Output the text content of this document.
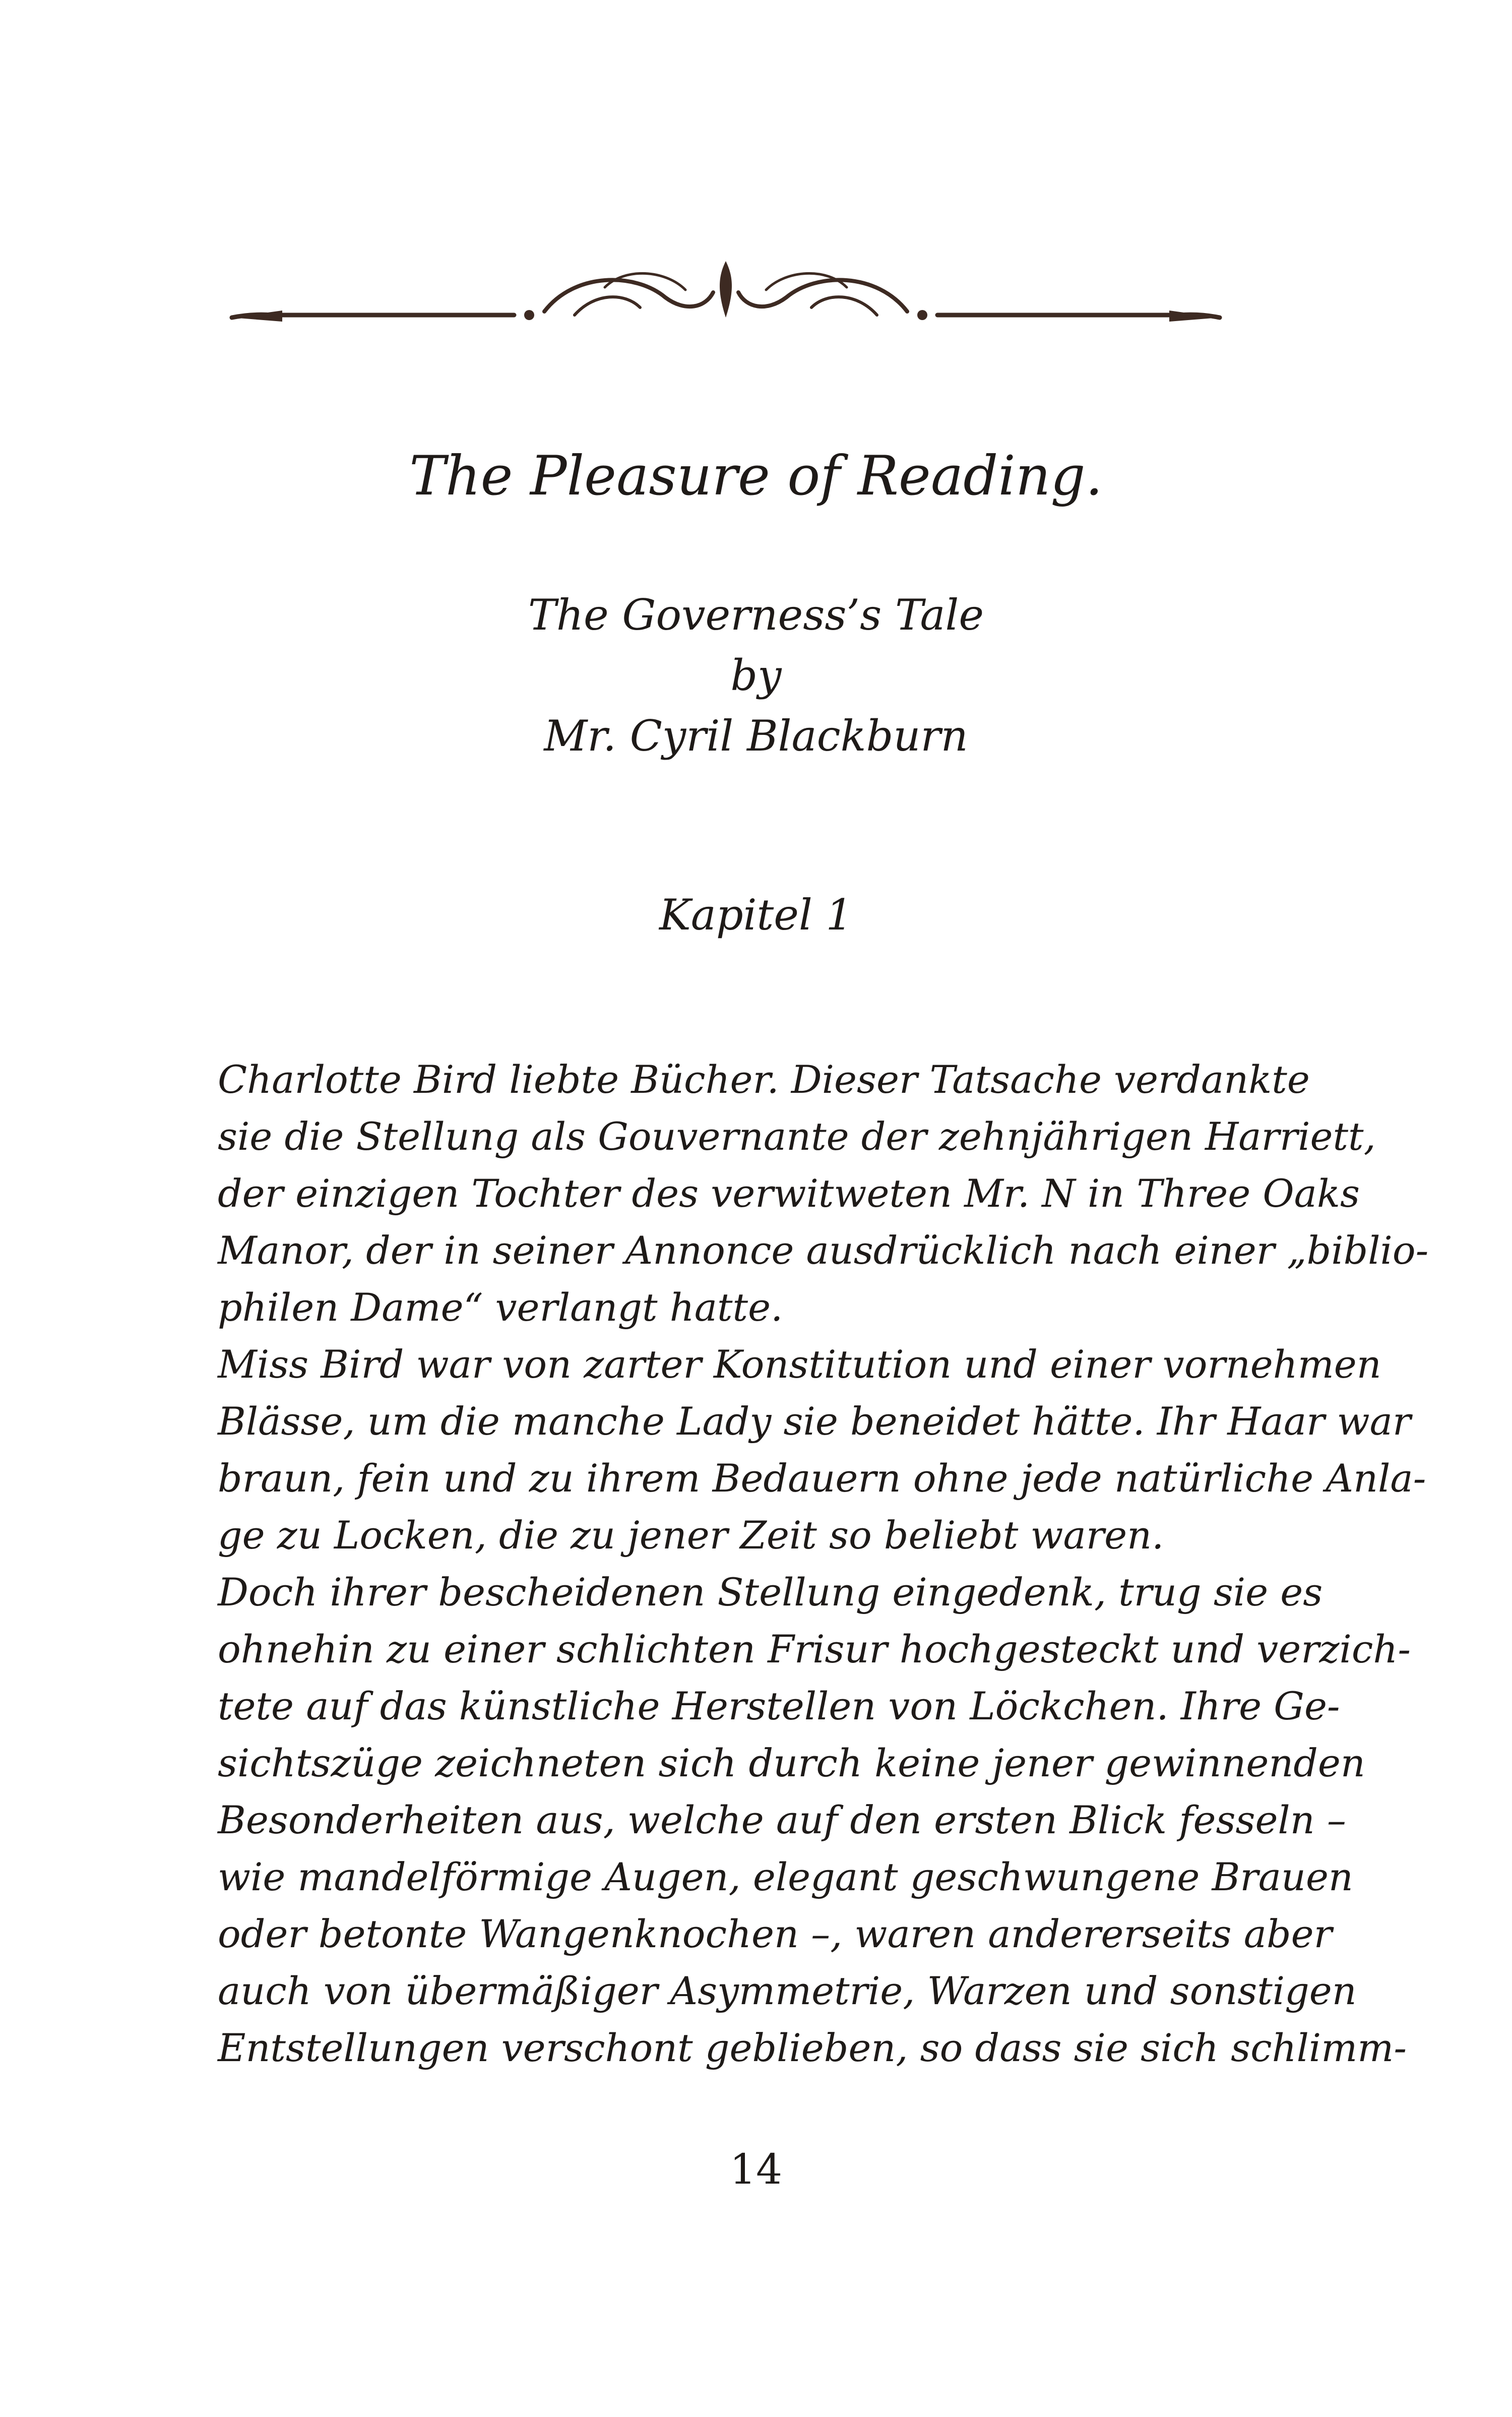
The Pleasure of Reading.
The Governess’s Tale
by
Mr. Cyril Blackburn
Kapitel 1
Charlotte Bird liebte Bücher. Dieser Tatsache verdankte
sie die Stellung als Gouvernante der zehnjährigen Harriett,
der einzigen Tochter des verwitweten Mr. N in Three Oaks
Manor, der in seiner Annonce ausdrücklich nach einer „biblio-
philen Dame“ verlangt hatte.
Miss Bird war von zarter Konstitution und einer vornehmen
Blässe, um die manche Lady sie beneidet hätte. Ihr Haar war
braun, fein und zu ihrem Bedauern ohne jede natürliche Anla-
ge zu Locken, die zu jener Zeit so beliebt waren.
Doch ihrer bescheidenen Stellung eingedenk, trug sie es
ohnehin zu einer schlichten Frisur hochgesteckt und verzich-
tete auf das künstliche Herstellen von Löckchen. Ihre Ge-
sichtszüge zeichneten sich durch keine jener gewinnenden
Besonderheiten aus, welche auf den ersten Blick fesseln –
wie mandelförmige Augen, elegant geschwungene Brauen
oder betonte Wangenknochen –, waren andererseits aber
auch von übermäßiger Asymmetrie, Warzen und sonstigen
Entstellungen verschont geblieben, so dass sie sich schlimm-
14
